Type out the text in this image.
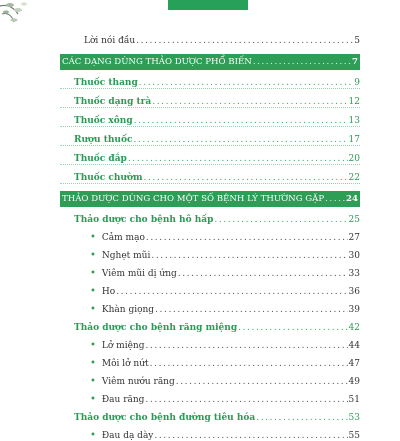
Lời nói đầu .....	5
CÁC DẠNG DÙNG THẢO DƯỢC PHỔ BIẾN .....	7
Thuốc thang .....	9
Thuốc dạng trà .....	12
Thuốc xông .....	13
Rượu thuốc .....	17
Thuốc đắp .....	20
Thuốc chườm .....	22
THẢO DƯỢC DÙNG CHO MỘT SỐ BỆNH LÝ THƯỜNG GẶP .....	24
Thảo dược cho bệnh hô hấp .....	25
• Cảm mạo .....	27
• Nghẹt mũi .....	30
• Viêm mũi dị ứng .....	33
• Ho .....	36
• Khàn giọng .....	39
Thảo dược cho bệnh răng miệng .....	42
• Lở miệng .....	44
• Môi lở nứt .....	47
• Viêm nướu răng .....	49
• Đau răng .....	51
Thảo dược cho bệnh đường tiêu hóa .....	53
• Đau dạ dày .....	55
